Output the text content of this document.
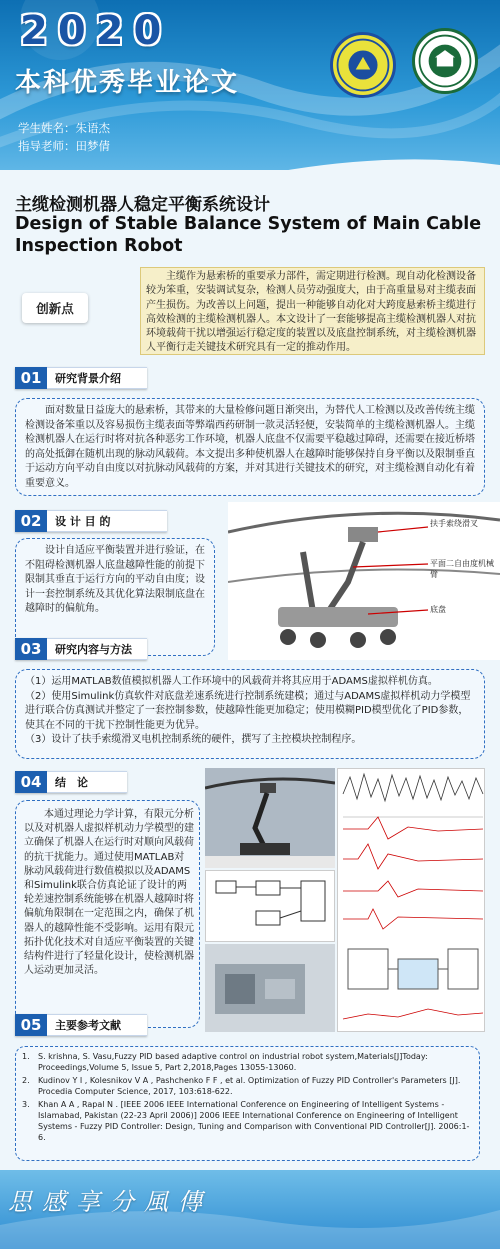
2020
本科优秀毕业论文
学生姓名：朱语杰
指导老师：田梦倩
主缆检测机器人稳定平衡系统设计
Design of Stable Balance System of Main Cable Inspection Robot
创新点
主缆作为悬索桥的重要承力部件，需定期进行检测。现自动化检测设备较为笨重，安装调试复杂，检测人员劳动强度大，由于高重量易对主缆表面产生损伤。为改善以上问题，提出一种能够自动化对大跨度悬索桥主缆进行高效检测的主缆检测机器人。本文设计了一套能够提高主缆检测机器人对抗环境载荷干扰以增强运行稳定度的装置以及底盘控制系统，对主缆检测机器人平衡行走关键技术研究具有一定的推动作用。
01	研究背景介绍
面对数量日益庞大的悬索桥，其带来的大量检修问题日渐突出，为替代人工检测以及改善传统主缆检测设备笨重以及容易损伤主缆表面等弊端西药研制一款灵活轻便，安装简单的主缆检测机器人。主缆检测机器人在运行时将对抗各种恶劣工作环境，机器人底盘不仅需要平稳越过障碍，还需要在接近桥塔的高处抵御在随机出现的脉动风载荷。本文提出多种使机器人在越障时能够保持自身平衡以及限制垂直于运动方向平动自由度以对抗脉动风载荷的方案，并对其进行关键技术的研究，对主缆检测自动化有着重要意义。
02	设 计 目 的
设计自适应平衡装置并进行验证，在不阻碍检测机器人底盘越障性能的前提下限制其垂直于运行方向的平动自由度；设计一套控制系统及其优化算法限制底盘在越障时的偏航角。
扶手索绕滑叉
平面二自由度机械臂
底盘
03	研究内容与方法
（1）运用MATLAB数值模拟机器人工作环境中的风载荷并将其应用于ADAMS虚拟样机仿真。
（2）使用Simulink仿真软件对底盘差速系统进行控制系统建模；通过与ADAMS虚拟样机动力学模型进行联合仿真测试并整定了一套控制参数，使越障性能更加稳定；使用模糊PID模型优化了PID参数，使其在不同的干扰下控制性能更为优异。
（3）设计了扶手索缆滑叉电机控制系统的硬件，撰写了主控模块控制程序。
04	结　论
本通过理论力学计算，有限元分析以及对机器人虚拟样机动力学模型的建立确保了机器人在运行时对顺向风载荷的抗干扰能力。通过使用MATLAB对脉动风载荷进行数值模拟以及ADAMS和Simulink联合仿真论证了设计的两轮差速控制系统能够在机器人越障时将偏航角限制在一定范围之内，确保了机器人的越障性能不受影响。运用有限元拓扑优化技术对自适应平衡装置的关键结构件进行了轻量化设计，使检测机器人运动更加灵活。
05	主要参考文献
1.	S. krishna, S. Vasu,Fuzzy PID based adaptive control on industrial robot system,Materials[J]Today: Proceedings,Volume 5, Issue 5, Part 2,2018,Pages 13055-13060.
2.	Kudinov Y I , Kolesnikov V A , Pashchenko F F , et al. Optimization of Fuzzy PID Controller's Parameters [J]. Procedia Computer Science, 2017, 103:618-622.
3.	Khan A A , Rapal N . [IEEE 2006 IEEE International Conference on Engineering of Intelligent Systems - Islamabad, Pakistan (22-23 April 2006)] 2006 IEEE International Conference on Engineering of Intelligent Systems - Fuzzy PID Controller: Design, Tuning and Comparison with Conventional PID Controller[J]. 2006:1-6.
思感享分風傳
